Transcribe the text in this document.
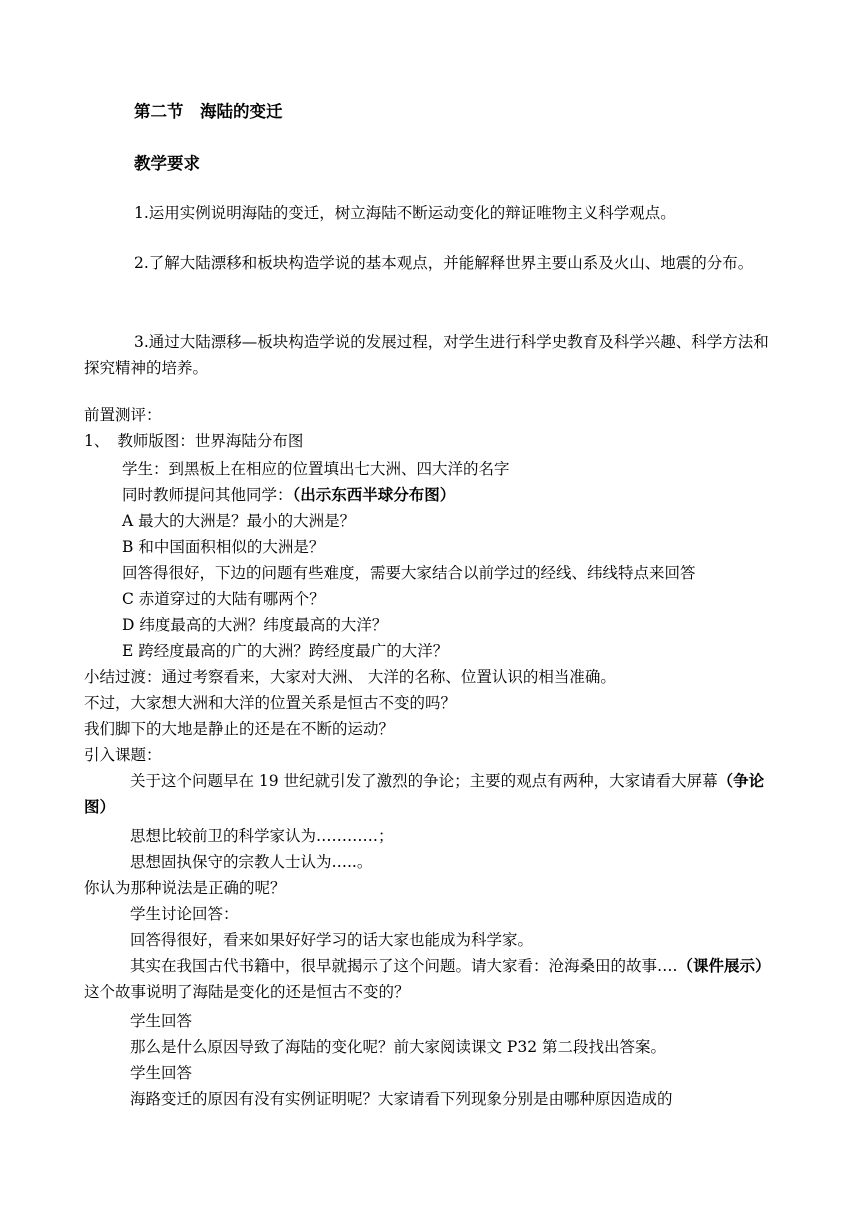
第二节　海陆的变迁
教学要求
1.运用实例说明海陆的变迁，树立海陆不断运动变化的辩证唯物主义科学观点。
2.了解大陆漂移和板块构造学说的基本观点，并能解释世界主要山系及火山、地震的分布。
3.通过大陆漂移—板块构造学说的发展过程，对学生进行科学史教育及科学兴趣、科学方法和探究精神的培养。
前置测评：
1、 教师版图：世界海陆分布图
学生：到黑板上在相应的位置填出七大洲、四大洋的名字
同时教师提问其他同学：（出示东西半球分布图）
A 最大的大洲是？最小的大洲是？
B 和中国面积相似的大洲是？
回答得很好，下边的问题有些难度，需要大家结合以前学过的经线、纬线特点来回答
C 赤道穿过的大陆有哪两个？
D 纬度最高的大洲？纬度最高的大洋？
E 跨经度最高的广的大洲？跨经度最广的大洋？
小结过渡：通过考察看来，大家对大洲、 大洋的名称、位置认识的相当准确。
不过，大家想大洲和大洋的位置关系是恒古不变的吗？
我们脚下的大地是静止的还是在不断的运动？
引入课题：
关于这个问题早在 19 世纪就引发了激烈的争论；主要的观点有两种，大家请看大屏幕（争论图）
思想比较前卫的科学家认为…………；
思想固执保守的宗教人士认为…..。
你认为那种说法是正确的呢？
学生讨论回答：
回答得很好，看来如果好好学习的话大家也能成为科学家。
其实在我国古代书籍中，很早就揭示了这个问题。请大家看：沧海桑田的故事….（课件展示）这个故事说明了海陆是变化的还是恒古不变的？
学生回答
那么是什么原因导致了海陆的变化呢？前大家阅读课文 P32 第二段找出答案。
学生回答
海路变迁的原因有没有实例证明呢？大家请看下列现象分别是由哪种原因造成的
